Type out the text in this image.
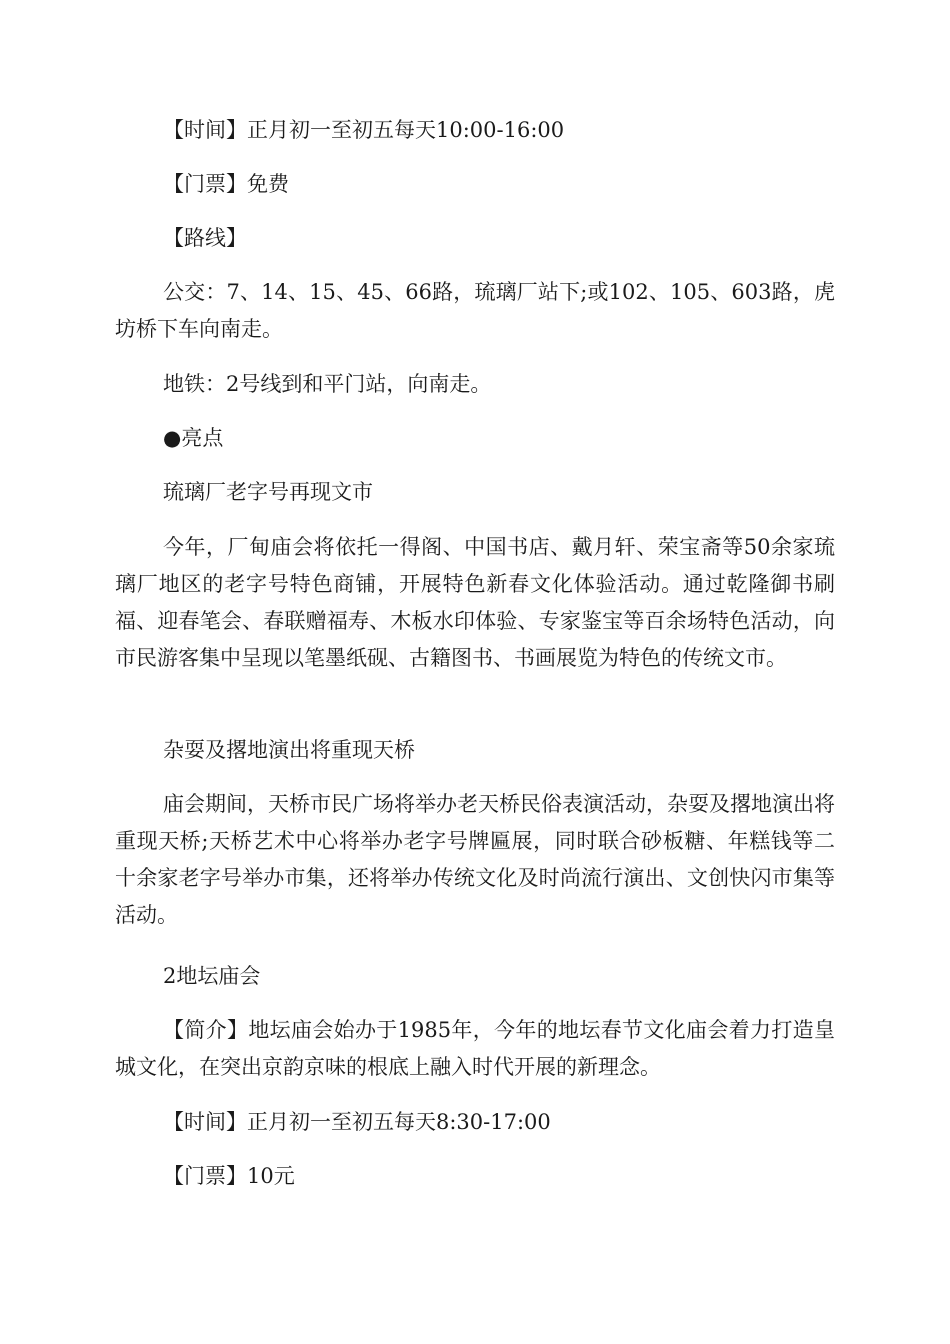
【时间】正月初一至初五每天10:00-16:00

【门票】免费

【路线】

公交：7、14、15、45、66路，琉璃厂站下;或102、105、603路，虎坊桥下车向南走。

地铁：2号线到和平门站，向南走。

●亮点

琉璃厂老字号再现文市

今年，厂甸庙会将依托一得阁、中国书店、戴月轩、荣宝斋等50余家琉璃厂地区的老字号特色商铺，开展特色新春文化体验活动。通过乾隆御书刷福、迎春笔会、春联赠福寿、木板水印体验、专家鉴宝等百余场特色活动，向市民游客集中呈现以笔墨纸砚、古籍图书、书画展览为特色的传统文市。

杂耍及撂地演出将重现天桥

庙会期间，天桥市民广场将举办老天桥民俗表演活动，杂耍及撂地演出将重现天桥;天桥艺术中心将举办老字号牌匾展，同时联合砂板糖、年糕钱等二十余家老字号举办市集，还将举办传统文化及时尚流行演出、文创快闪市集等活动。

2地坛庙会

【简介】地坛庙会始办于1985年，今年的地坛春节文化庙会着力打造皇城文化，在突出京韵京味的根底上融入时代开展的新理念。

【时间】正月初一至初五每天8:30-17:00

【门票】10元
